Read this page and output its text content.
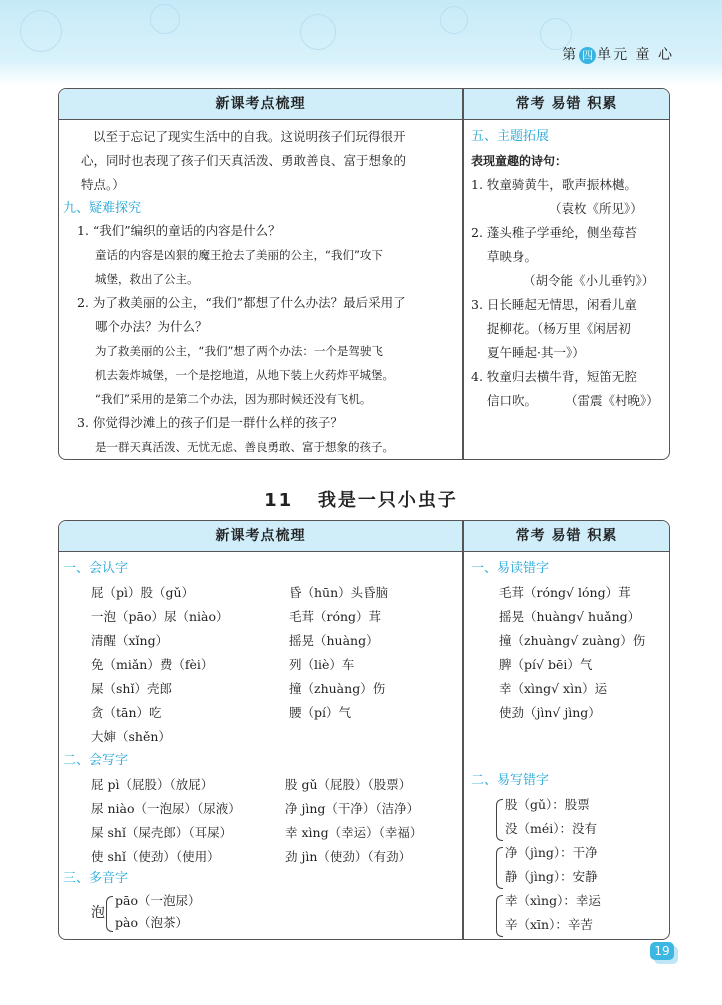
第 四 单元 童 心
新课考点梳理	常考 易错 积累
以至于忘记了现实生活中的自我。这说明孩子们玩得很开
心，同时也表现了孩子们天真活泼、勇敢善良、富于想象的
特点。）
九、疑难探究
1. “我们”编织的童话的内容是什么？
童话的内容是凶狠的魔王抢去了美丽的公主，“我们”攻下
城堡，救出了公主。
2. 为了救美丽的公主，“我们”都想了什么办法？最后采用了
哪个办法？为什么？
为了救美丽的公主，“我们”想了两个办法：一个是驾驶飞
机去轰炸城堡，一个是挖地道，从地下装上火药炸平城堡。
“我们”采用的是第二个办法，因为那时候还没有飞机。
3. 你觉得沙滩上的孩子们是一群什么样的孩子？
是一群天真活泼、无忧无虑、善良勇敢、富于想象的孩子。
五、主题拓展
表现童趣的诗句：
1. 牧童骑黄牛，歌声振林樾。
（袁枚《所见》）
2. 蓬头稚子学垂纶，侧坐莓苔
草映身。
（胡令能《小儿垂钓》）
3. 日长睡起无情思，闲看儿童
捉柳花。（杨万里《闲居初
夏午睡起·其一》）
4. 牧童归去横牛背，短笛无腔
信口吹。 （雷震《村晚》）
11 我是一只小虫子
新课考点梳理	常考 易错 积累
一、会认字
屁（pì）股（gǔ）
一泡（pāo）尿（niào）
清醒（xǐng）
免（miǎn）费（fèi）
屎（shǐ）壳郎
贪（tān）吃
大婶（shěn）
昏（hūn）头昏脑
毛茸（róng）茸
摇晃（huàng）
列（liè）车
撞（zhuàng）伤
腰（pí）气
二、会写字
屁 pì（屁股）（放屁）
尿 niào（一泡尿）（尿液）
屎 shǐ（屎壳郎）（耳屎）
使 shǐ（使劲）（使用）
股 gǔ（屁股）（股票）
净 jìng（干净）（洁净）
幸 xìng（幸运）（幸福）
劲 jìn（使劲）（有劲）
三、多音字
泡
pāo（一泡尿）
pào（泡茶）
一、易读错字
毛茸（róng√ lóng）茸
摇晃（huàng√ huǎng）
撞（zhuàng√ zuàng）伤
脾（pí√ bēi）气
幸（xìng√ xìn）运
使劲（jìn√ jìng）
二、易写错字
股（gǔ）：股票
没（méi）：没有
净（jìng）：干净
静（jìng）：安静
幸（xìng）：幸运
辛（xīn）：辛苦
19
